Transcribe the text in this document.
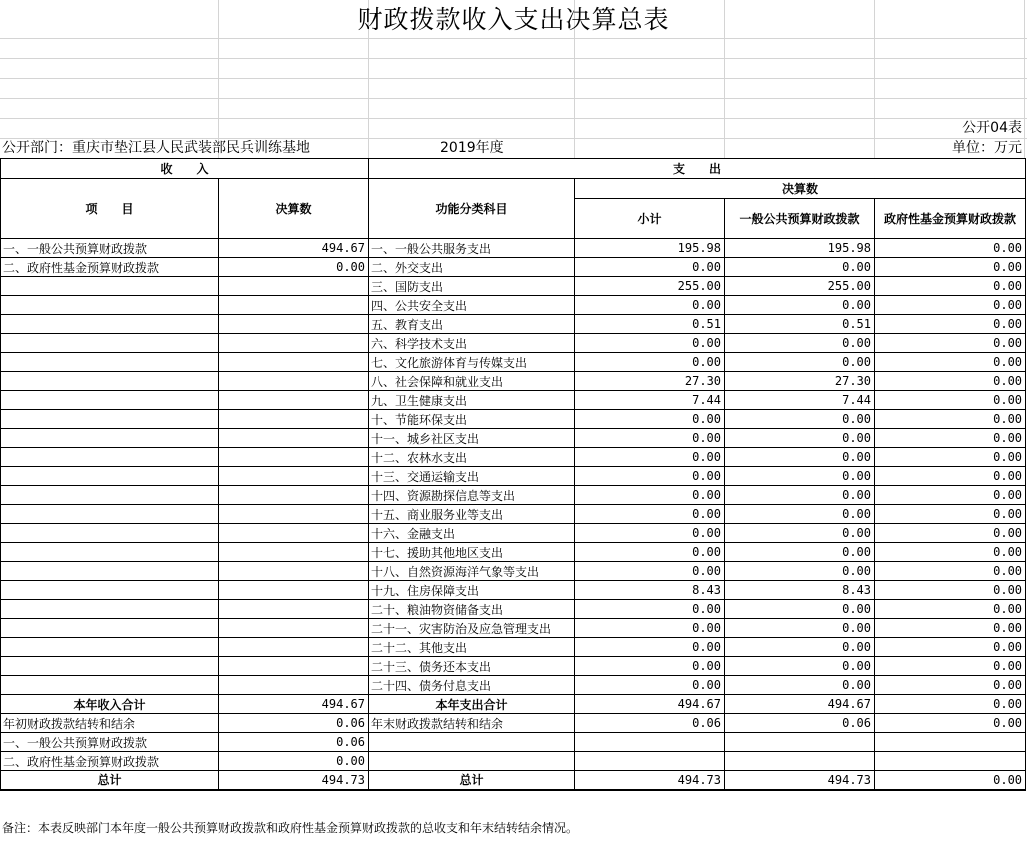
财政拨款收入支出决算总表
公开04表
公开部门：重庆市垫江县人民武装部民兵训练基地	2019年度	单位：万元
收　　入		支　　出			
项　　目	决算数	功能分类科目	决算数		
			小计	一般公共预算财政拨款	政府性基金预算财政拨款
一、一般公共预算财政拨款	494.67	一、一般公共服务支出	195.98	195.98	0.00
二、政府性基金预算财政拨款	0.00	二、外交支出	0.00	0.00	0.00
		三、国防支出	255.00	255.00	0.00
		四、公共安全支出	0.00	0.00	0.00
		五、教育支出	0.51	0.51	0.00
		六、科学技术支出	0.00	0.00	0.00
		七、文化旅游体育与传媒支出	0.00	0.00	0.00
		八、社会保障和就业支出	27.30	27.30	0.00
		九、卫生健康支出	7.44	7.44	0.00
		十、节能环保支出	0.00	0.00	0.00
		十一、城乡社区支出	0.00	0.00	0.00
		十二、农林水支出	0.00	0.00	0.00
		十三、交通运输支出	0.00	0.00	0.00
		十四、资源勘探信息等支出	0.00	0.00	0.00
		十五、商业服务业等支出	0.00	0.00	0.00
		十六、金融支出	0.00	0.00	0.00
		十七、援助其他地区支出	0.00	0.00	0.00
		十八、自然资源海洋气象等支出	0.00	0.00	0.00
		十九、住房保障支出	8.43	8.43	0.00
		二十、粮油物资储备支出	0.00	0.00	0.00
		二十一、灾害防治及应急管理支出	0.00	0.00	0.00
		二十二、其他支出	0.00	0.00	0.00
		二十三、债务还本支出	0.00	0.00	0.00
		二十四、债务付息支出	0.00	0.00	0.00
本年收入合计	494.67	本年支出合计	494.67	494.67	0.00
年初财政拨款结转和结余	0.06	年末财政拨款结转和结余	0.06	0.06	0.00
一、一般公共预算财政拨款	0.06				
二、政府性基金预算财政拨款	0.00				
总计	494.73	总计	494.73	494.73	0.00
备注：本表反映部门本年度一般公共预算财政拨款和政府性基金预算财政拨款的总收支和年末结转结余情况。
